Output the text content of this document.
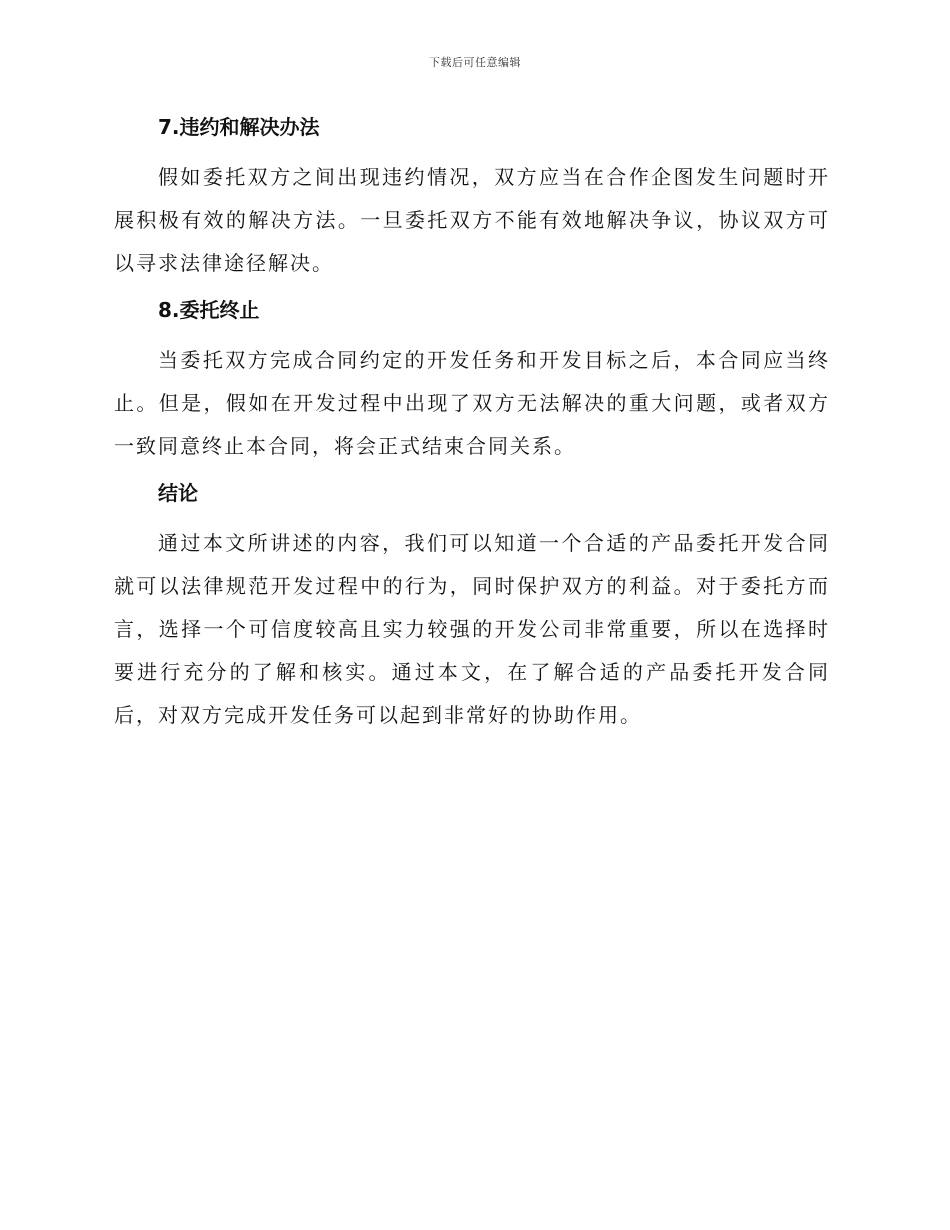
下载后可任意编辑
7.违约和解决办法

假如委托双方之间出现违约情况，双方应当在合作企图发生问题时开展积极有效的解决方法。一旦委托双方不能有效地解决争议，协议双方可以寻求法律途径解决。

8.委托终止

当委托双方完成合同约定的开发任务和开发目标之后，本合同应当终止。但是，假如在开发过程中出现了双方无法解决的重大问题，或者双方一致同意终止本合同，将会正式结束合同关系。

结论

通过本文所讲述的内容，我们可以知道一个合适的产品委托开发合同就可以法律规范开发过程中的行为，同时保护双方的利益。对于委托方而言，选择一个可信度较高且实力较强的开发公司非常重要，所以在选择时要进行充分的了解和核实。通过本文，在了解合适的产品委托开发合同后，对双方完成开发任务可以起到非常好的协助作用。
